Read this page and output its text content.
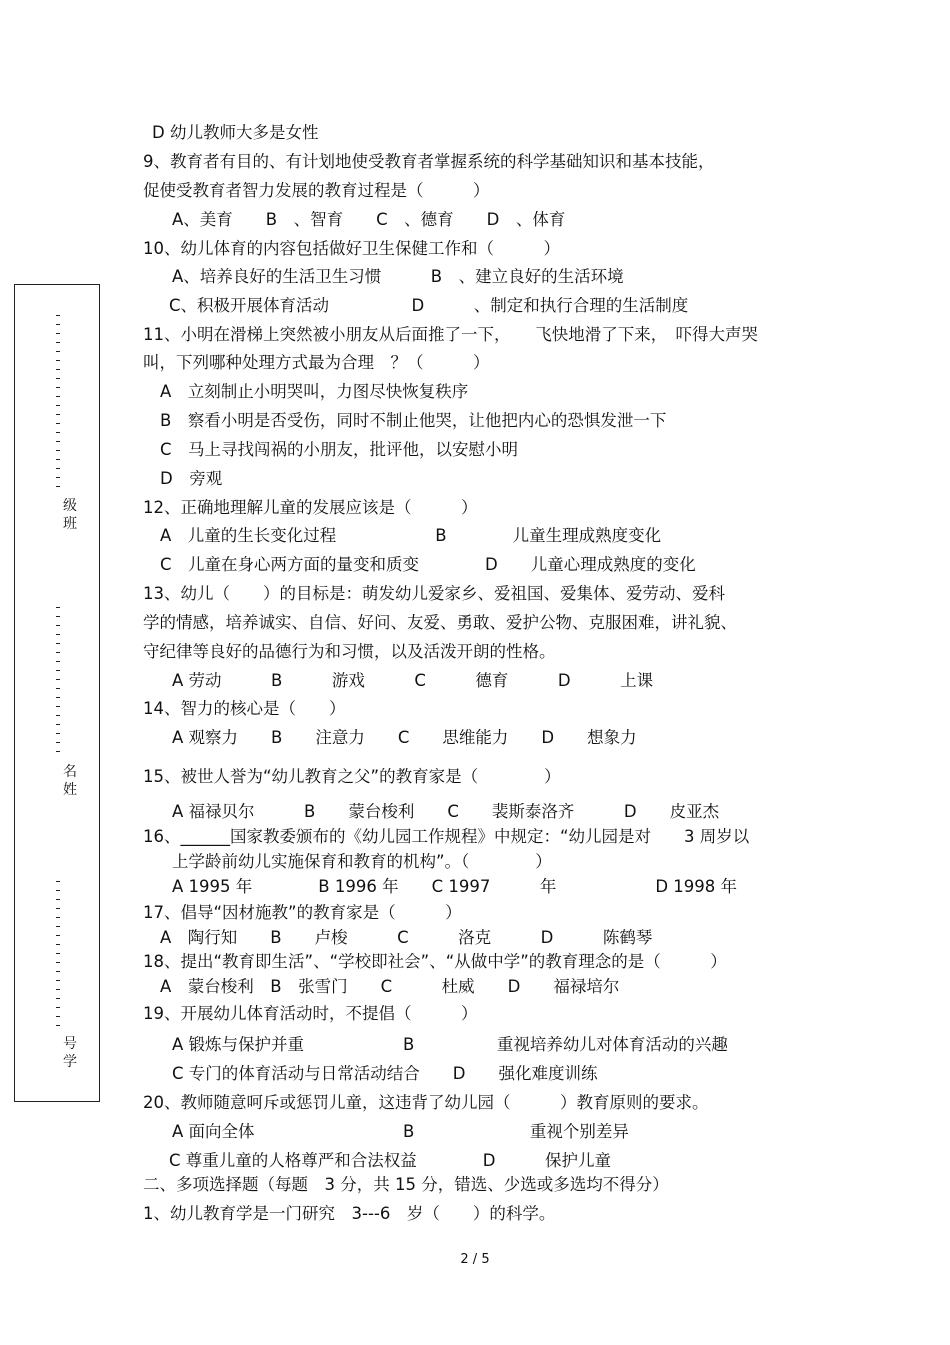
D 幼儿教师大多是女性
9、教育者有目的、有计划地使受教育者掌握系统的科学基础知识和基本技能，
促使受教育者智力发展的教育过程是（　　　）
A、美育　　B　、智育　　C　、德育　　D　、体育
10、幼儿体育的内容包括做好卫生保健工作和（　　　）
A、培养良好的生活卫生习惯　　　B　、建立良好的生活环境
C、积极开展体育活动　　　　　D　　　、制定和执行合理的生活制度
11、小明在滑梯上突然被小朋友从后面推了一下，　　飞快地滑了下来，　吓得大声哭
叫，下列哪种处理方式最为合理　？（　　　）
A　立刻制止小明哭叫，力图尽快恢复秩序
B　察看小明是否受伤，同时不制止他哭，让他把内心的恐惧发泄一下
C　马上寻找闯祸的小朋友，批评他，以安慰小明
D　旁观
12、正确地理解儿童的发展应该是（　　　）
A　儿童的生长变化过程　　　　　　B　　　　儿童生理成熟度变化
C　儿童在身心两方面的量变和质变　　　　D　　儿童心理成熟度的变化
13、幼儿（　　）的目标是：萌发幼儿爱家乡、爱祖国、爱集体、爱劳动、爱科
学的情感，培养诚实、自信、好问、友爱、勇敢、爱护公物、克服困难，讲礼貌、
守纪律等良好的品德行为和习惯，以及活泼开朗的性格。
A 劳动　　　B　　　游戏　　　C　　　德育　　　D　　　上课
14、智力的核心是（　　）
A 观察力　　B　　注意力　　C　　思维能力　　D　　想象力
15、被世人誉为“幼儿教育之父”的教育家是（　　　　）
A 福禄贝尔　　　B　　蒙台梭利　　C　　裴斯泰洛齐　　　D　　皮亚杰
16、______国家教委颁布的《幼儿园工作规程》中规定：“幼儿园是对　　3 周岁以
上学龄前幼儿实施保育和教育的机构”。（　　　　）
A 1995 年　　　　B 1996 年　　C 1997　　　年　　　　　　D 1998 年
17、倡导“因材施教”的教育家是（　　　）
A　陶行知　　B　　卢梭　　　C　　　洛克　　　D　　　陈鹤琴
18、提出“教育即生活”、“学校即社会”、“从做中学”的教育理念的是（　　　）
A　蒙台梭利　B　张雪门　　C　　　杜威　　D　　福禄培尔
19、开展幼儿体育活动时，不提倡（　　　）
A 锻炼与保护并重　　　　　　B　　　　　重视培养幼儿对体育活动的兴趣
C 专门的体育活动与日常活动结合　　D　　强化难度训练
20、教师随意呵斥或惩罚儿童，这违背了幼儿园（　　　）教育原则的要求。
A 面向全体　　　　　　　　　B　　　　　　　重视个别差异
C 尊重儿童的人格尊严和合法权益　　　　D　　　保护儿童
二、多项选择题（每题　3 分，共 15 分，错选、少选或多选均不得分）
1、幼儿教育学是一门研究　3---6　岁（　　）的科学。
级
班
名
姓
号
学
2 / 5
